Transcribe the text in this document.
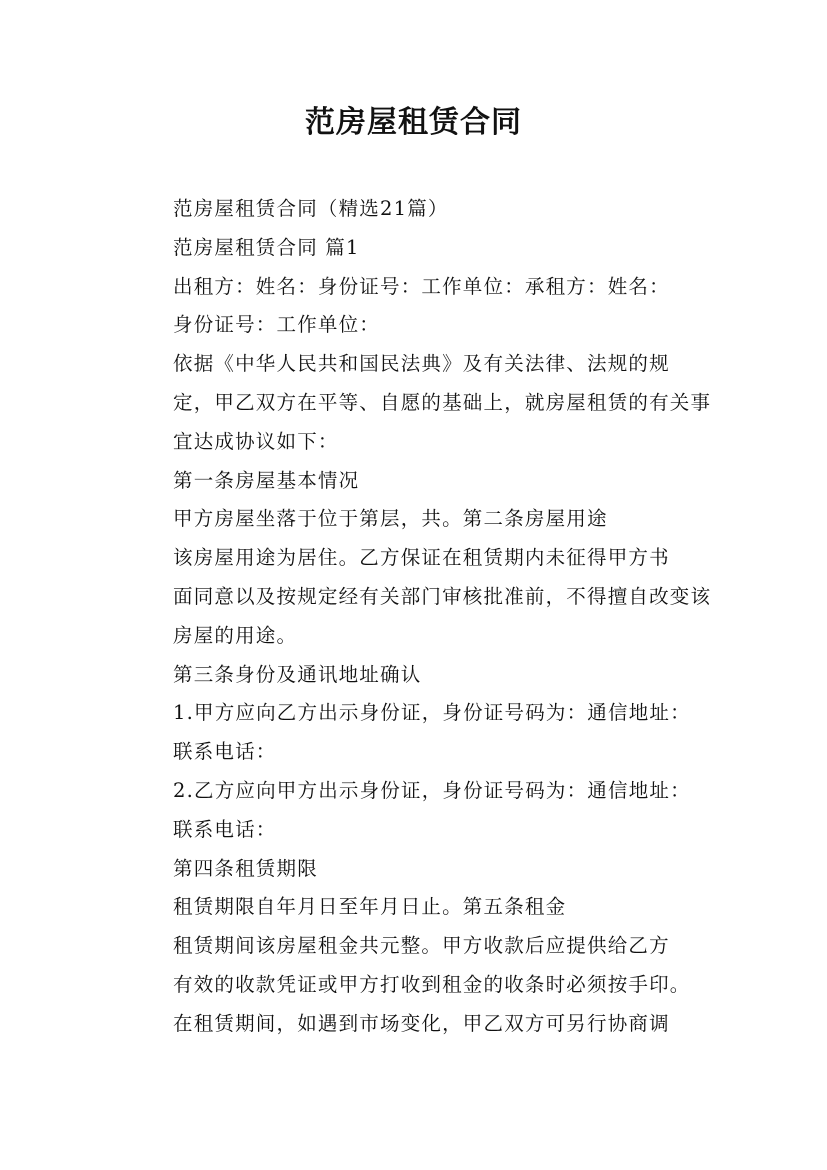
范房屋租赁合同

范房屋租赁合同（精选21篇）

范房屋租赁合同 篇1

出租方：姓名：身份证号：工作单位：承租方：姓名：
身份证号：工作单位：

依据《中华人民共和国民法典》及有关法律、法规的规
定，甲乙双方在平等、自愿的基础上，就房屋租赁的有关事
宜达成协议如下：

第一条房屋基本情况

甲方房屋坐落于位于第层，共。第二条房屋用途

该房屋用途为居住。乙方保证在租赁期内未征得甲方书
面同意以及按规定经有关部门审核批准前，不得擅自改变该
房屋的用途。

第三条身份及通讯地址确认

1.甲方应向乙方出示身份证，身份证号码为：通信地址：
联系电话：

2.乙方应向甲方出示身份证，身份证号码为：通信地址：
联系电话：

第四条租赁期限

租赁期限自年月日至年月日止。第五条租金

租赁期间该房屋租金共元整。甲方收款后应提供给乙方
有效的收款凭证或甲方打收到租金的收条时必须按手印。

在租赁期间，如遇到市场变化，甲乙双方可另行协商调
